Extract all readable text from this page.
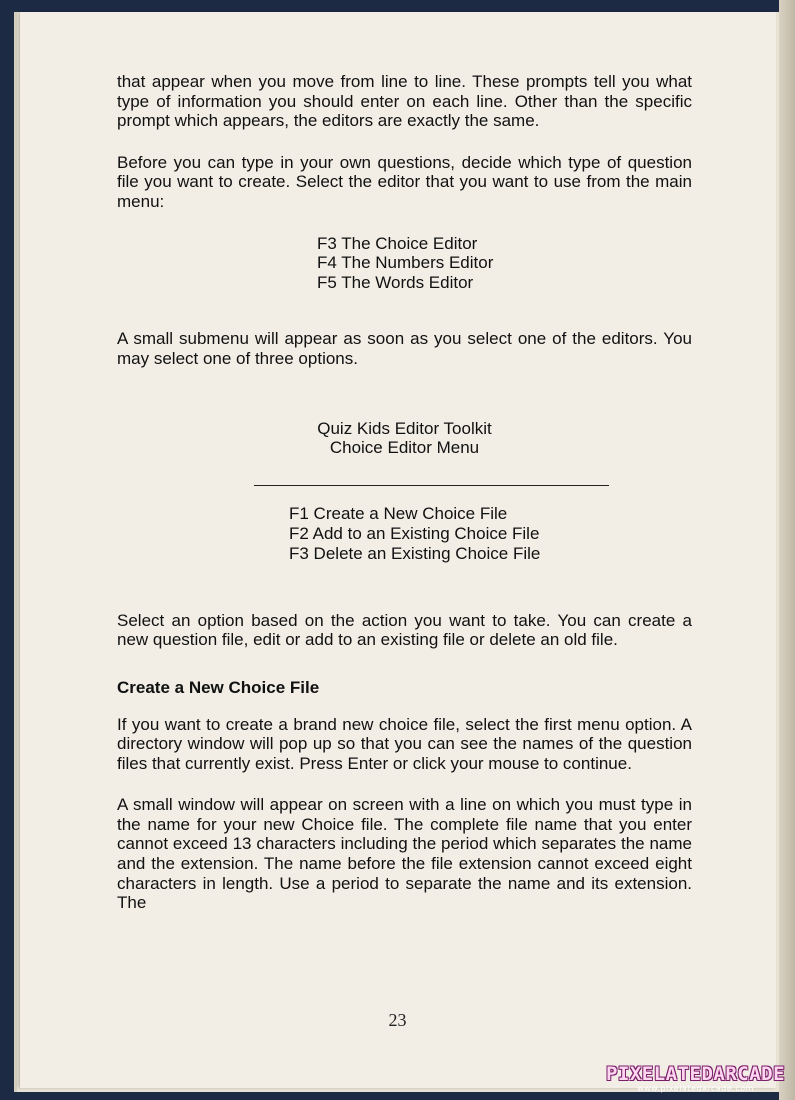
that appear when you move from line to line. These prompts tell you what type of information you should enter on each line. Other than the specific prompt which appears, the editors are exactly the same.

Before you can type in your own questions, decide which type of question file you want to create. Select the editor that you want to use from the main menu:

F3 The Choice Editor
F4 The Numbers Editor
F5 The Words Editor

A small submenu will appear as soon as you select one of the editors. You may select one of three options.

Quiz Kids Editor Toolkit

Choice Editor Menu

F1 Create a New Choice File
F2 Add to an Existing Choice File
F3 Delete an Existing Choice File

Select an option based on the action you want to take. You can create a new question file, edit or add to an existing file or delete an old file.

Create a New Choice File

If you want to create a brand new choice file, select the first menu option. A directory window will pop up so that you can see the names of the question files that currently exist. Press Enter or click your mouse to continue.

A small window will appear on screen with a line on which you must type in the name for your new Choice file. The complete file name that you enter cannot exceed 13 characters including the period which separates the name and the extension. The name before the file extension cannot exceed eight characters in length. Use a period to separate the name and its extension. The

23
PIXELATEDARCADE
www.pixelatedarcade.com
